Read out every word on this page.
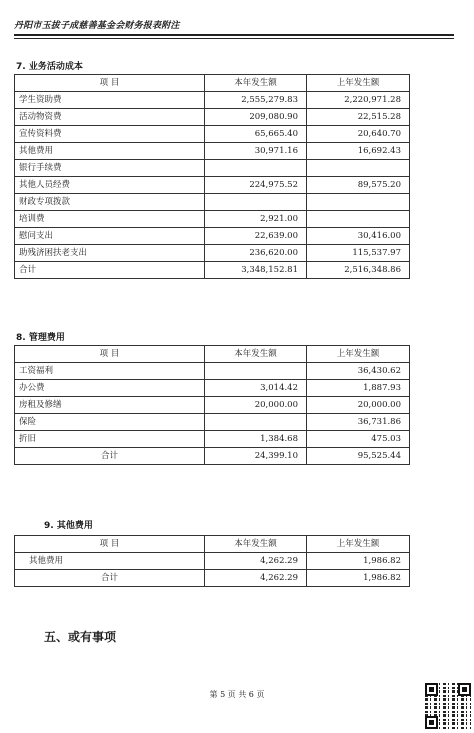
丹阳市玉拔子成慈善基金会财务报表附注
7. 业务活动成本
项 目	本年发生额	上年发生额
学生资助费	2,555,279.83	2,220,971.28
活动物资费	209,080.90	22,515.28
宣传资料费	65,665.40	20,640.70
其他费用	30,971.16	16,692.43
银行手续费		
其他人员经费	224,975.52	89,575.20
财政专项拨款		
培训费	2,921.00	
慰问支出	22,639.00	30,416.00
助残济困扶老支出	236,620.00	115,537.97
合计	3,348,152.81	2,516,348.86
8. 管理费用
项 目	本年发生额	上年发生额
工资福利		36,430.62
办公费	3,014.42	1,887.93
房租及修缮	20,000.00	20,000.00
保险		36,731.86
折旧	1,384.68	475.03
合计	24,399.10	95,525.44
9. 其他费用
项 目	本年发生额	上年发生额
其他费用	4,262.29	1,986.82
合计	4,262.29	1,986.82
五、或有事项
第 5 页 共 6 页
